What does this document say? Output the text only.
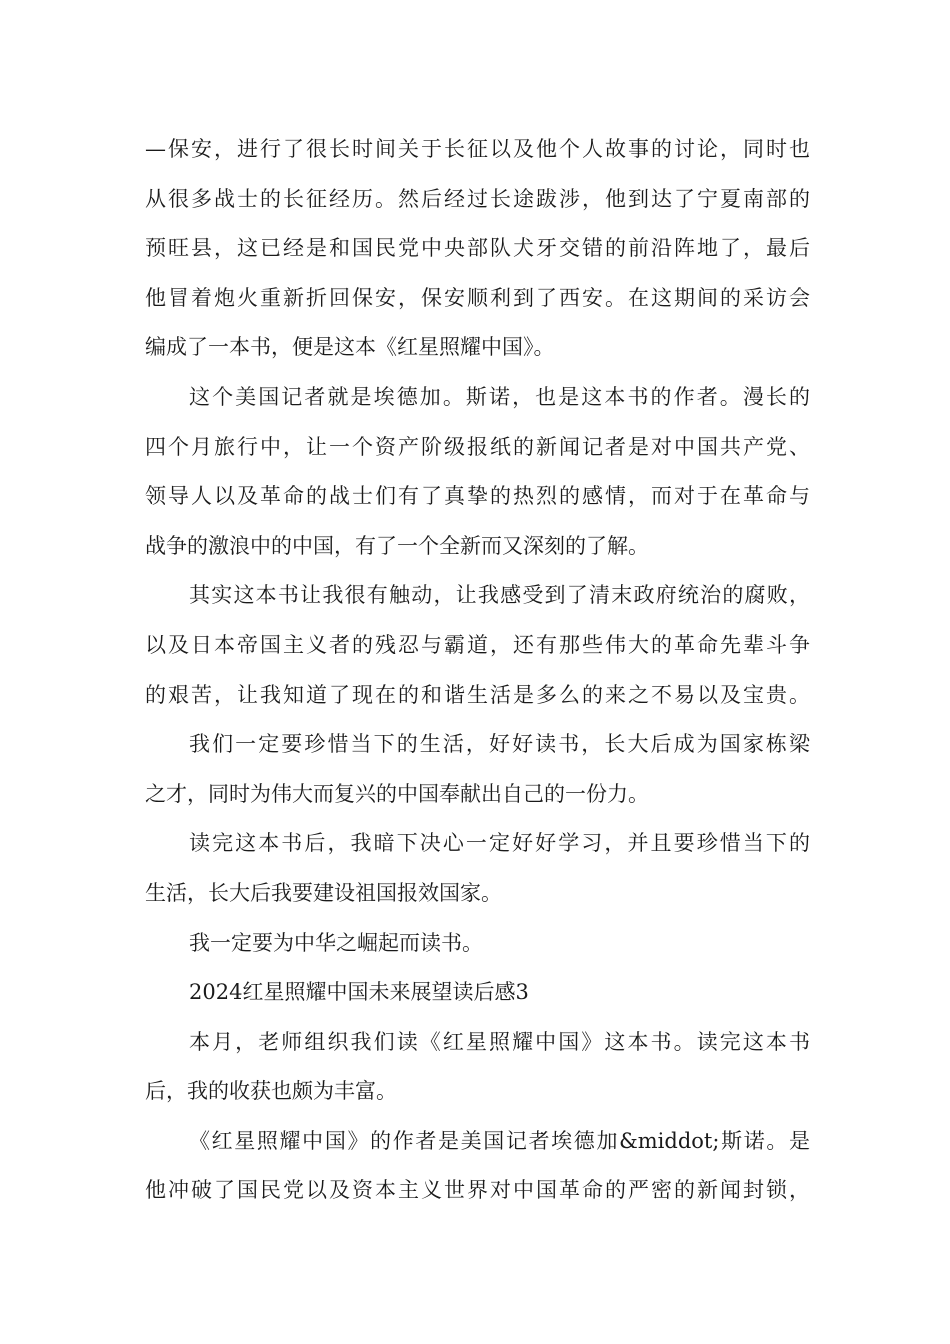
—保安，进行了很长时间关于长征以及他个人故事的讨论，同时也
从很多战士的长征经历。然后经过长途跋涉，他到达了宁夏南部的
预旺县，这已经是和国民党中央部队犬牙交错的前沿阵地了，最后
他冒着炮火重新折回保安，保安顺利到了西安。在这期间的采访会
编成了一本书，便是这本《红星照耀中国》。
这个美国记者就是埃德加。斯诺，也是这本书的作者。漫长的
四个月旅行中，让一个资产阶级报纸的新闻记者是对中国共产党、
领导人以及革命的战士们有了真挚的热烈的感情，而对于在革命与
战争的激浪中的中国，有了一个全新而又深刻的了解。
其实这本书让我很有触动，让我感受到了清末政府统治的腐败，
以及日本帝国主义者的残忍与霸道，还有那些伟大的革命先辈斗争
的艰苦，让我知道了现在的和谐生活是多么的来之不易以及宝贵。
我们一定要珍惜当下的生活，好好读书，长大后成为国家栋梁
之才，同时为伟大而复兴的中国奉献出自己的一份力。
读完这本书后，我暗下决心一定好好学习，并且要珍惜当下的
生活，长大后我要建设祖国报效国家。
我一定要为中华之崛起而读书。
2024红星照耀中国未来展望读后感3
本月，老师组织我们读《红星照耀中国》这本书。读完这本书
后，我的收获也颇为丰富。
《红星照耀中国》的作者是美国记者埃德加&middot;斯诺。是
他冲破了国民党以及资本主义世界对中国革命的严密的新闻封锁，
